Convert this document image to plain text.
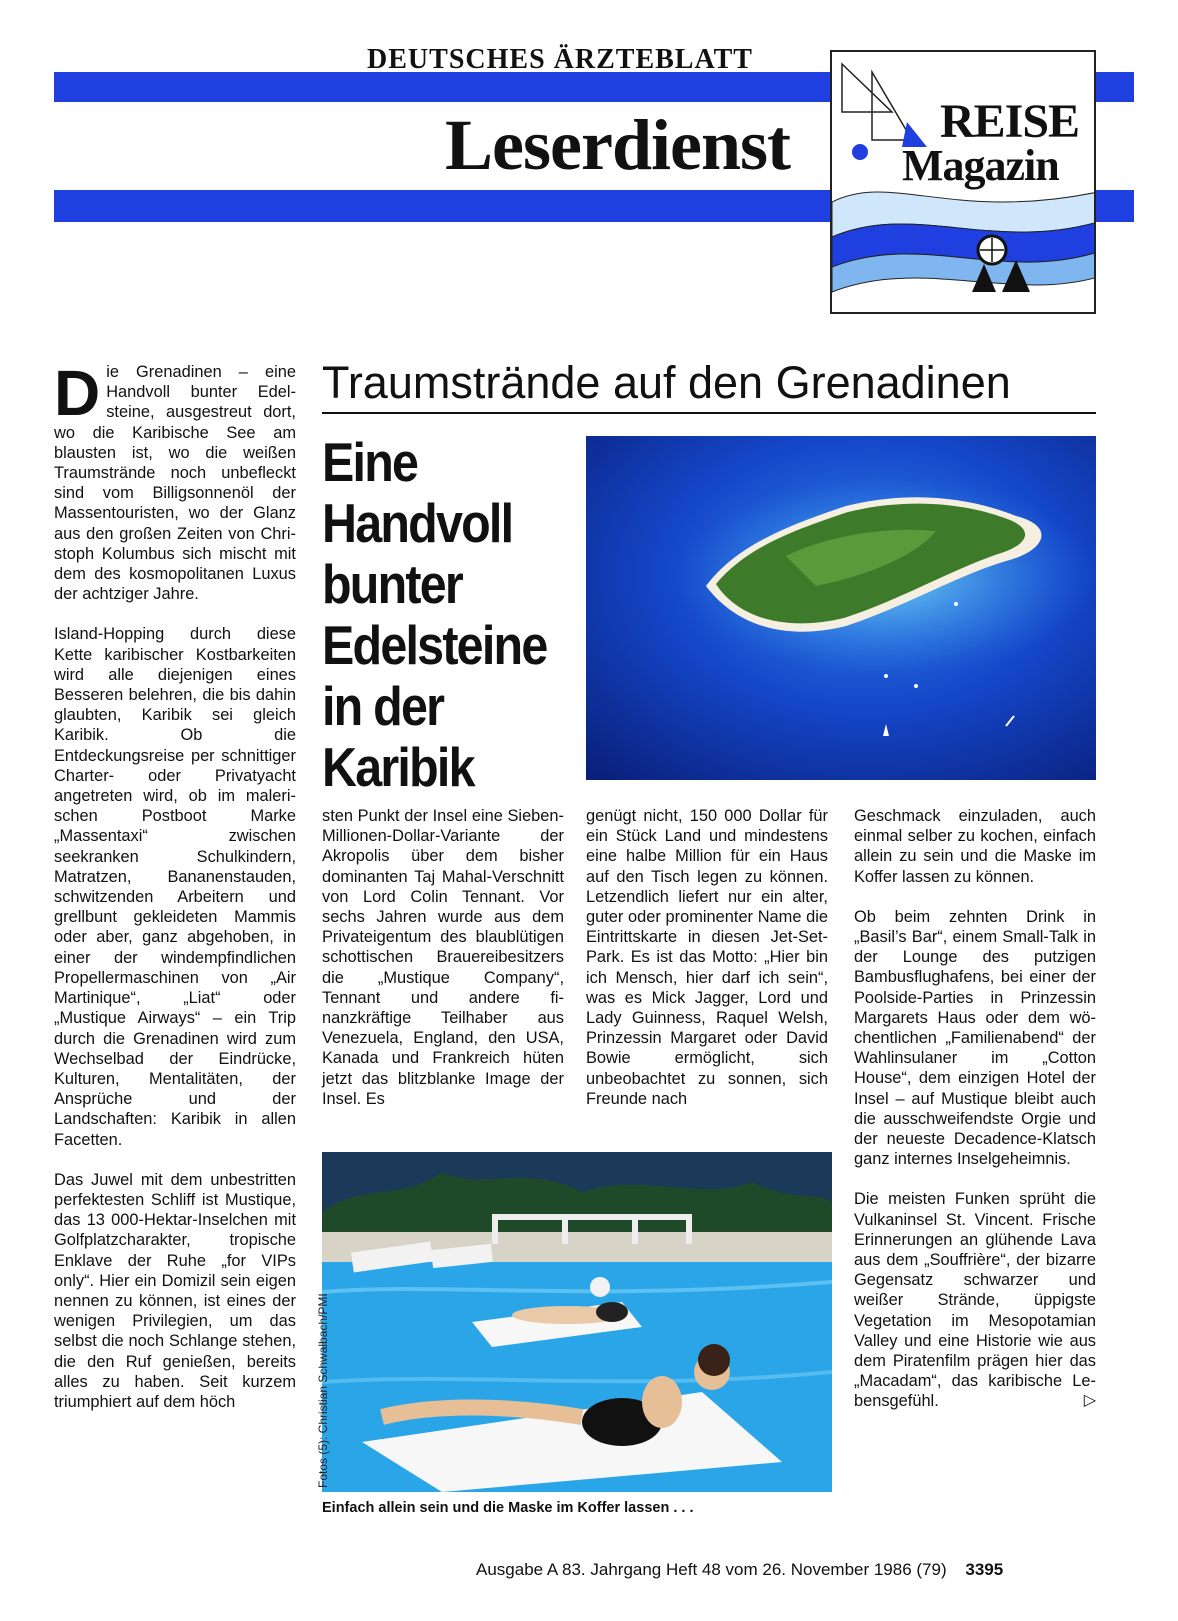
DEUTSCHES ÄRZTEBLATT
Leserdienst	REISE
Magazin

D ie Grenadinen – eine Handvoll bunter Edelsteine, ausgestreut dort, wo die Karibische See am blausten ist, wo die weißen Traumstrände noch unbefleckt sind vom Billigsonnenöl der Massentouristen, wo der Glanz aus den großen Zeiten von Christoph Kolumbus sich mischt mit dem des kosmopolitanen Luxus der achtziger Jahre.

Island-Hopping durch diese Kette karibischer Kostbarkeiten wird alle diejenigen eines Besseren belehren, die bis dahin glaubten, Karibik sei gleich Karibik. Ob die Entdeckungsreise per schnittiger Charter- oder Privatyacht angetreten wird, ob im malerischen Postboot Marke „Massentaxi“ zwischen seekranken Schulkindern, Matratzen, Bananenstauden, schwitzenden Arbeitern und grellbunt gekleideten Mammis oder aber, ganz abgehoben, in einer der windempfindlichen Propellermaschinen von „Air Martinique“, „Liat“ oder „Mustique Airways“ – ein Trip durch die Grenadinen wird zum Wechselbad der Eindrücke, Kulturen, Mentalitäten, der Ansprüche und der Landschaften: Karibik in allen Facetten.

Das Juwel mit dem unbestritten perfektesten Schliff ist Mustique, das 13 000-Hektar-Inselchen mit Golfplatzcharakter, tropische Enklave der Ruhe „for VIPs only“. Hier ein Domizil sein eigen nennen zu können, ist eines der wenigen Privilegien, um das selbst die noch Schlange stehen, die den Ruf genießen, bereits alles zu haben. Seit kurzem triumphiert auf dem höch

Traumstrände auf den Grenadinen
Eine Handvoll bunter Edelsteine in der Karibik

sten Punkt der Insel eine Sieben-Millionen-Dollar-Variante der Akropolis über dem bisher dominanten Taj Mahal-Verschnitt von Lord Colin Tennant. Vor sechs Jahren wurde aus dem Privateigentum des blaublütigen schottischen Brauereibesitzers die „Mustique Company“, Tennant und andere finanzkräftige Teilhaber aus Venezuela, England, den USA, Kanada und Frankreich hüten jetzt das blitzblanke Image der Insel. Es

genügt nicht, 150 000 Dollar für ein Stück Land und mindestens eine halbe Million für ein Haus auf den Tisch legen zu können. Letzendlich liefert nur ein alter, guter oder prominenter Name die Eintrittskarte in diesen Jet-Set-Park. Es ist das Motto: „Hier bin ich Mensch, hier darf ich sein“, was es Mick Jagger, Lord und Lady Guinness, Raquel Welsh, Prinzessin Margaret oder David Bowie ermöglicht, sich unbeobachtet zu sonnen, sich Freunde nach

Geschmack einzuladen, auch einmal selber zu kochen, einfach allein zu sein und die Maske im Koffer lassen zu können.

Ob beim zehnten Drink in „Basil’s Bar“, einem Small-Talk in der Lounge des putzigen Bambusflughafens, bei einer der Poolside-Parties in Prinzessin Margarets Haus oder dem wöchentlichen „Familienabend“ der Wahlinsulaner im „Cotton House“, dem einzigen Hotel der Insel – auf Mustique bleibt auch die ausschweifendste Orgie und der neueste Decadence-Klatsch ganz internes Inselgeheimnis.

Die meisten Funken sprüht die Vulkaninsel St. Vincent. Frische Erinnerungen an glühende Lava aus dem „Souffrière“, der bizarre Gegensatz schwarzer und weißer Strände, üppigste Vegetation im Mesopotamian Valley und eine Historie wie aus dem Piratenfilm prägen hier das „Macadam“, das karibische Lebensgefühl.	▷

Fotos (5): Christian Schwalbach/PMI
Einfach allein sein und die Maske im Koffer lassen . . .
Ausgabe A 83. Jahrgang Heft 48 vom 26. November 1986 (79) 3395
